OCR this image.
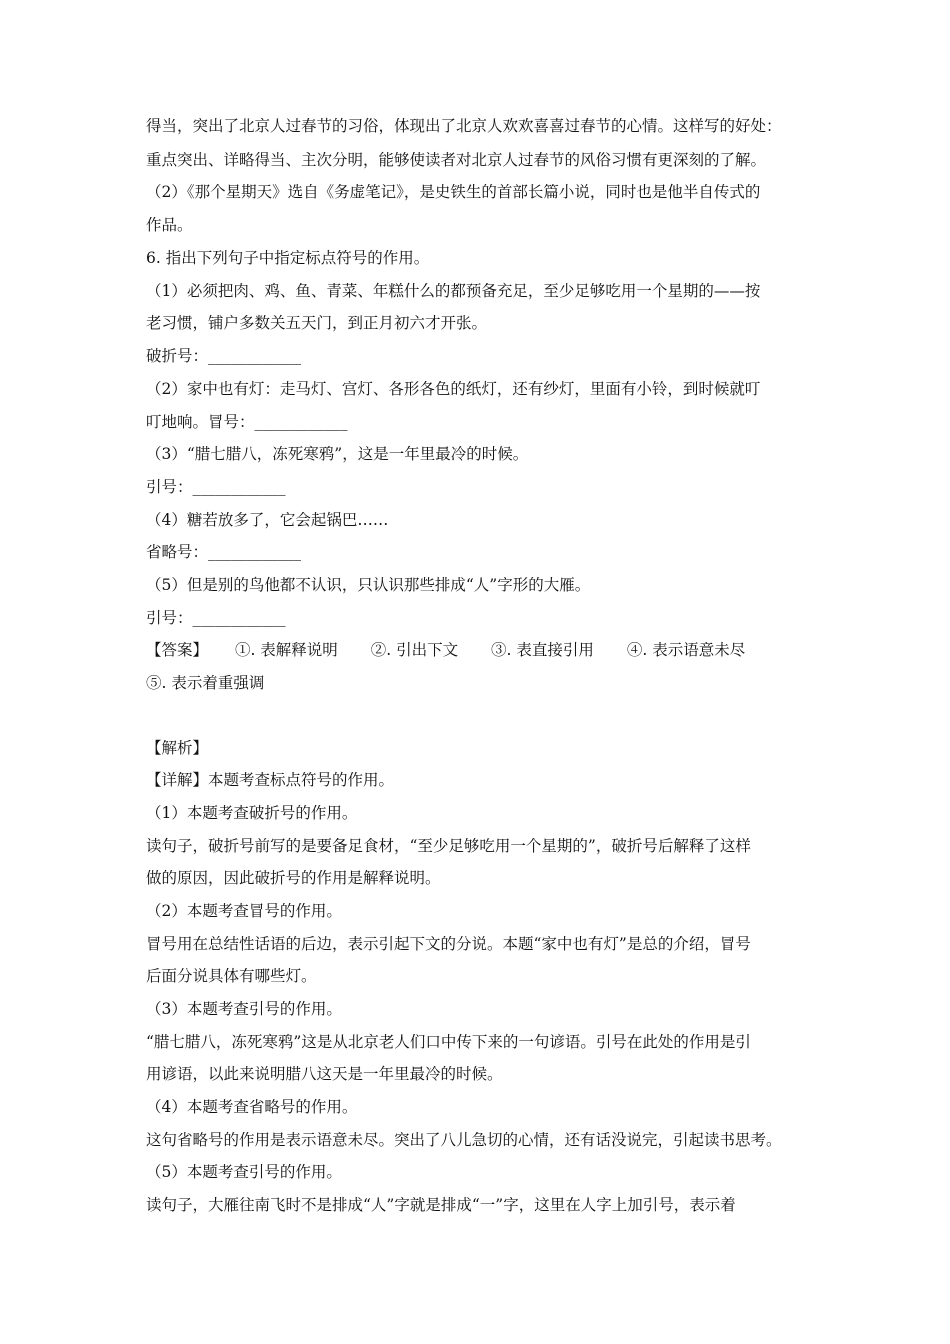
得当，突出了北京人过春节的习俗，体现出了北京人欢欢喜喜过春节的心情。这样写的好处：
重点突出、详略得当、主次分明，能够使读者对北京人过春节的风俗习惯有更深刻的了解。
（2）《那个星期天》选自《务虚笔记》，是史铁生的首部长篇小说，同时也是他半自传式的
作品。
6. 指出下列句子中指定标点符号的作用。
（1）必须把肉、鸡、鱼、青菜、年糕什么的都预备充足，至少足够吃用一个星期的——按
老习惯，铺户多数关五天门，到正月初六才开张。
破折号：____________
（2）家中也有灯：走马灯、宫灯、各形各色的纸灯，还有纱灯，里面有小铃，到时候就叮
叮地响。冒号：____________
（3）“腊七腊八，冻死寒鸦”，这是一年里最冷的时候。
引号：____________
（4）糖若放多了，它会起锅巴……
省略号：____________
（5）但是别的鸟他都不认识，只认识那些排成“人”字形的大雁。
引号：____________
【答案】 ①. 表解释说明 ②. 引出下文 ③. 表直接引用 ④. 表示语意未尽
⑤. 表示着重强调
【解析】
【详解】本题考查标点符号的作用。
（1）本题考查破折号的作用。
读句子，破折号前写的是要备足食材，“至少足够吃用一个星期的”，破折号后解释了这样
做的原因，因此破折号的作用是解释说明。
（2）本题考查冒号的作用。
冒号用在总结性话语的后边，表示引起下文的分说。本题“家中也有灯”是总的介绍，冒号
后面分说具体有哪些灯。
（3）本题考查引号的作用。
“腊七腊八，冻死寒鸦”这是从北京老人们口中传下来的一句谚语。引号在此处的作用是引
用谚语，以此来说明腊八这天是一年里最冷的时候。
（4）本题考查省略号的作用。
这句省略号的作用是表示语意未尽。突出了八儿急切的心情，还有话没说完，引起读书思考。
（5）本题考查引号的作用。
读句子，大雁往南飞时不是排成“人”字就是排成“一”字，这里在人字上加引号，表示着
